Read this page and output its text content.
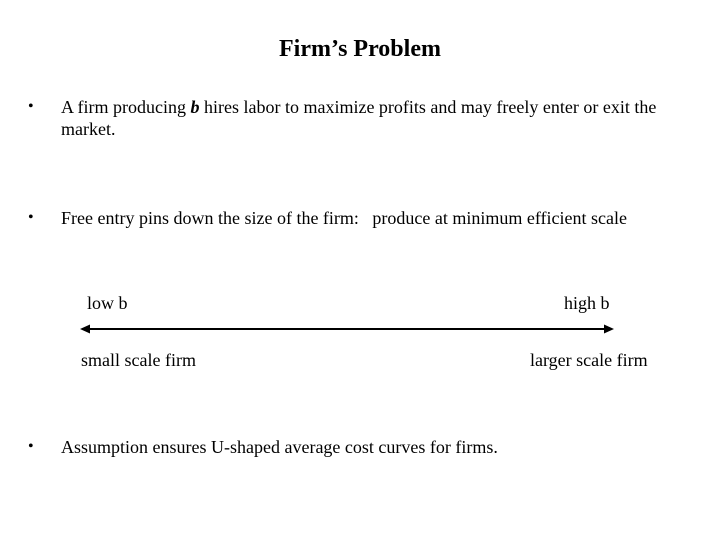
Firm’s Problem
•	A firm producing b hires labor to maximize profits and may freely enter or exit the market.
•	Free entry pins down the size of the firm:   produce at minimum efficient scale
low b	high b
small scale firm	larger scale firm
•	Assumption ensures U-shaped average cost curves for firms.
